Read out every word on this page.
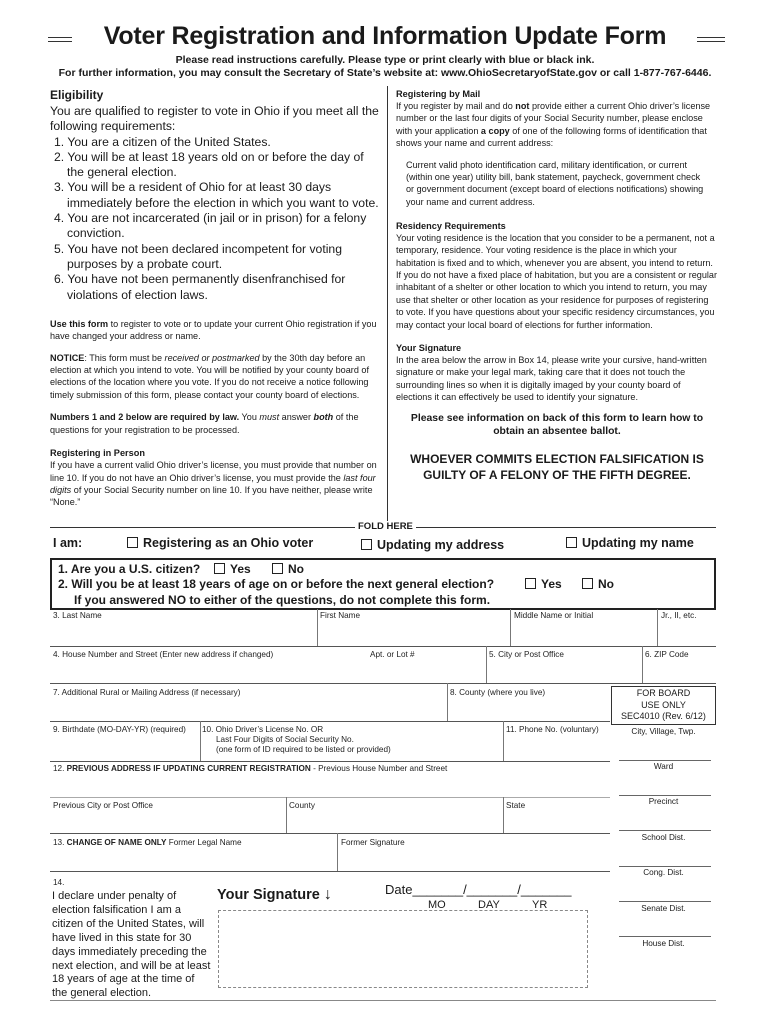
Voter Registration and Information Update Form
Please read instructions carefully. Please type or print clearly with blue or black ink.
For further information, you may consult the Secretary of State’s website at: www.OhioSecretaryofState.gov or call 1-877-767-6446.
Eligibility
You are qualified to register to vote in Ohio if you meet all the following requirements:
1. You are a citizen of the United States.
2. You will be at least 18 years old on or before the day of the general election.
3. You will be a resident of Ohio for at least 30 days immediately before the election in which you want to vote.
4. You are not incarcerated (in jail or in prison) for a felony conviction.
5. You have not been declared incompetent for voting purposes by a probate court.
6. You have not been permanently disenfranchised for violations of election laws.
Use this form to register to vote or to update your current Ohio registration if you have changed your address or name.
NOTICE: This form must be received or postmarked by the 30th day before an election at which you intend to vote. You will be notified by your county board of elections of the location where you vote. If you do not receive a notice following timely submission of this form, please contact your county board of elections.
Numbers 1 and 2 below are required by law. You must answer both of the questions for your registration to be processed.
Registering in Person
If you have a current valid Ohio driver’s license, you must provide that number on line 10. If you do not have an Ohio driver’s license, you must provide the last four digits of your Social Security number on line 10. If you have neither, please write “None.”
Registering by Mail
If you register by mail and do not provide either a current Ohio driver’s license number or the last four digits of your Social Security number, please enclose with your application a copy of one of the following forms of identification that shows your name and current address:
Current valid photo identification card, military identification, or current (within one year) utility bill, bank statement, paycheck, government check or government document (except board of elections notifications) showing your name and current address.
Residency Requirements
Your voting residence is the location that you consider to be a permanent, not a temporary, residence. Your voting residence is the place in which your habitation is fixed and to which, whenever you are absent, you intend to return. If you do not have a fixed place of habitation, but you are a consistent or regular inhabitant of a shelter or other location to which you intend to return, you may use that shelter or other location as your residence for purposes of registering to vote. If you have questions about your specific residency circumstances, you may contact your local board of elections for further information.
Your Signature
In the area below the arrow in Box 14, please write your cursive, hand-written signature or make your legal mark, taking care that it does not touch the surrounding lines so when it is digitally imaged by your county board of elections it can effectively be used to identify your signature.
Please see information on back of this form to learn how to obtain an absentee ballot.
WHOEVER COMMITS ELECTION FALSIFICATION IS GUILTY OF A FELONY OF THE FIFTH DEGREE.
FOLD HERE
I am:	Registering as an Ohio voter	Updating my address	Updating my name
1. Are you a U.S. citizen?	Yes	No
2. Will you be at least 18 years of age on or before the next general election?	Yes	No
If you answered NO to either of the questions, do not complete this form.
3. Last Name	First Name	Middle Name or Initial	Jr., II, etc.
4. House Number and Street (Enter new address if changed)	Apt. or Lot #	5. City or Post Office	6. ZIP Code
7. Additional Rural or Mailing Address (if necessary)	8. County (where you live)
9. Birthdate (MO-DAY-YR) (required) 10. Ohio Driver’s License No. OR
Last Four Digits of Social Security No.
(one form of ID required to be listed or provided)
11. Phone No. (voluntary)
12. PREVIOUS ADDRESS IF UPDATING CURRENT REGISTRATION - Previous House Number and Street
Previous City or Post Office	County	State
13. CHANGE OF NAME ONLY Former Legal Name	Former Signature
14.
I declare under penalty of election falsification I am a citizen of the United States, will have lived in this state for 30 days immediately preceding the next election, and will be at least 18 years of age at the time of the general election.
Your Signature ↓	Date_______/_______/_______
MO	DAY	YR
FOR BOARD
USE ONLY
SEC4010 (Rev. 6/12)
City, Village, Twp.
Ward
Precinct
School Dist.
Cong. Dist.
Senate Dist.
House Dist.
